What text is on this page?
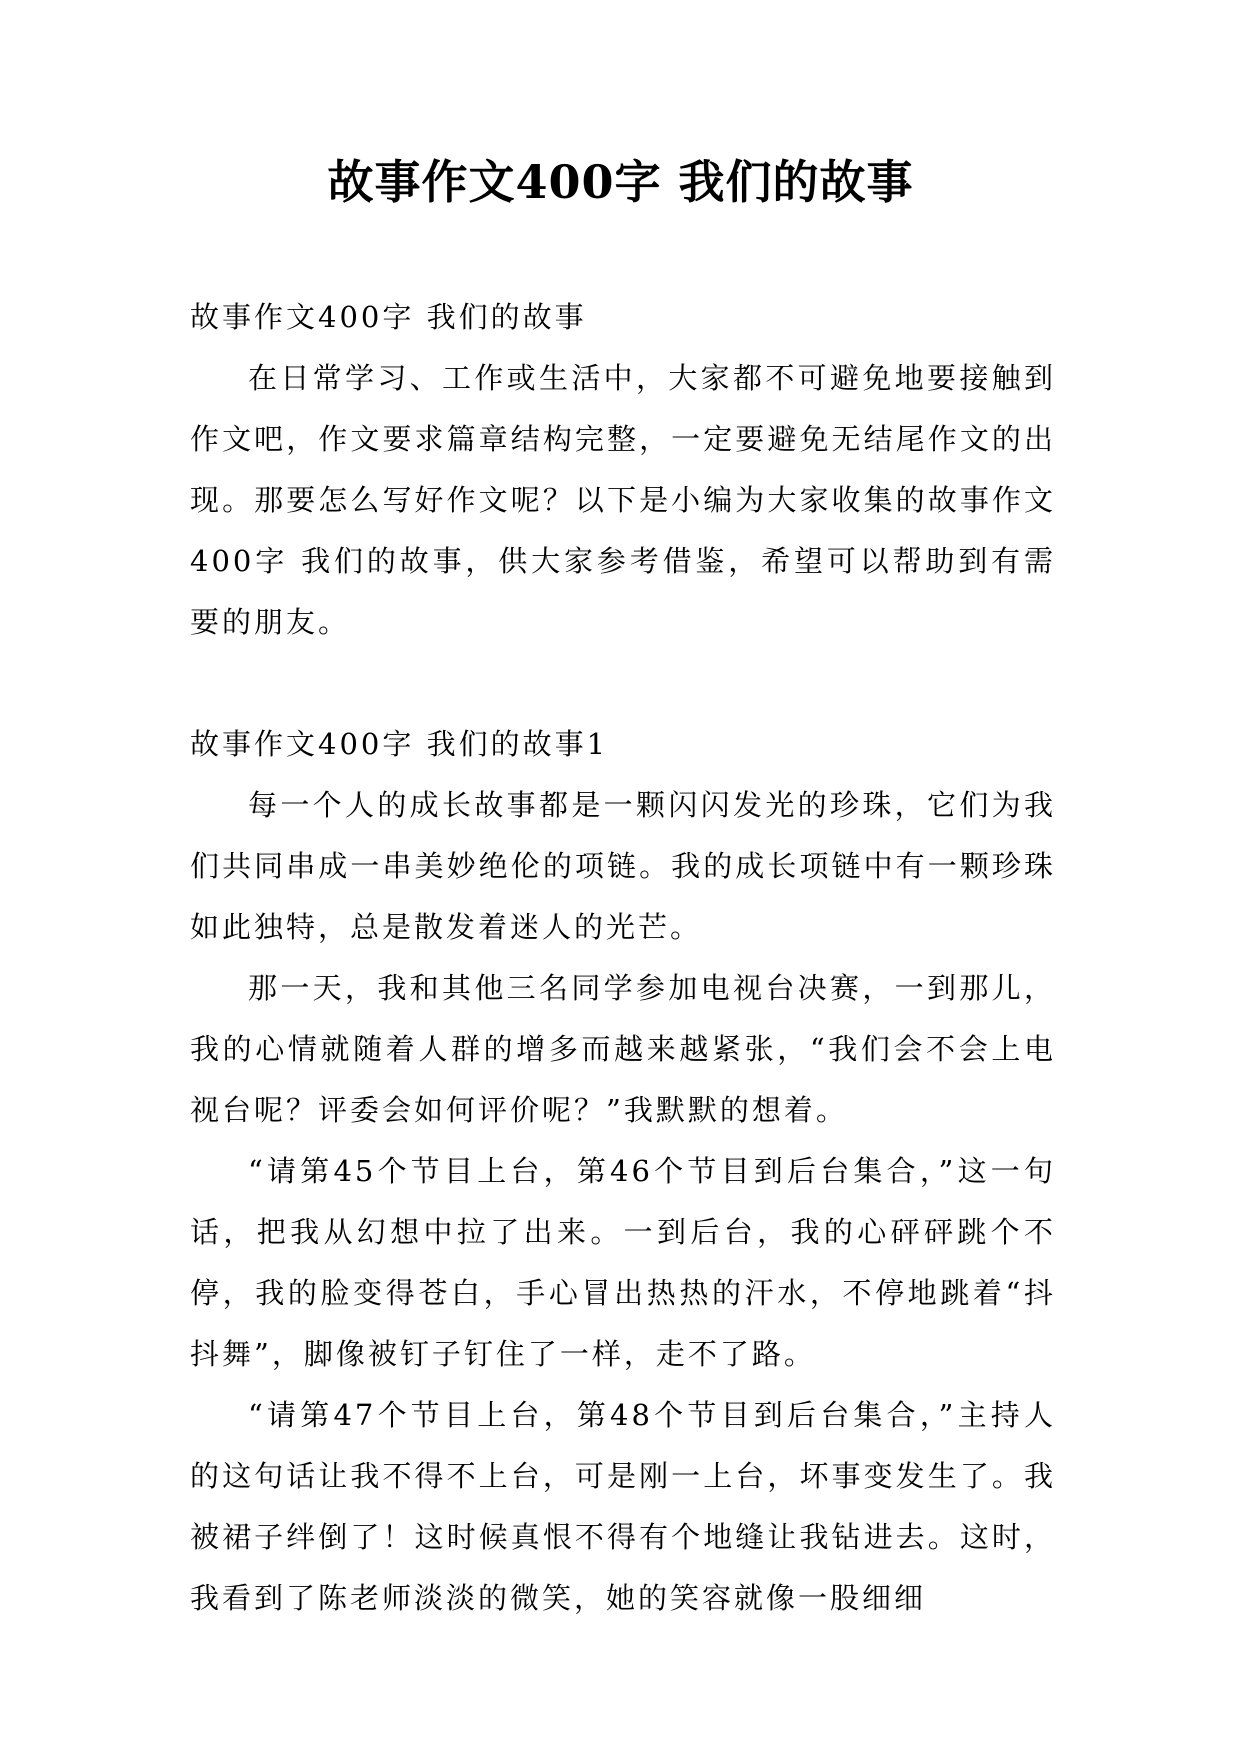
故事作文400字 我们的故事

故事作文400字 我们的故事

在日常学习、工作或生活中，大家都不可避免地要接触到作文吧，作文要求篇章结构完整，一定要避免无结尾作文的出现。那要怎么写好作文呢？以下是小编为大家收集的故事作文400字 我们的故事，供大家参考借鉴，希望可以帮助到有需要的朋友。

故事作文400字 我们的故事1

每一个人的成长故事都是一颗闪闪发光的珍珠，它们为我们共同串成一串美妙绝伦的项链。我的成长项链中有一颗珍珠如此独特，总是散发着迷人的光芒。

那一天，我和其他三名同学参加电视台决赛，一到那儿，我的心情就随着人群的增多而越来越紧张，“我们会不会上电视台呢？评委会如何评价呢？”我默默的想着。

“请第45个节目上台，第46个节目到后台集合，”这一句话，把我从幻想中拉了出来。一到后台，我的心砰砰跳个不停，我的脸变得苍白，手心冒出热热的汗水，不停地跳着“抖抖舞”，脚像被钉子钉住了一样，走不了路。

“请第47个节目上台，第48个节目到后台集合，”主持人的这句话让我不得不上台，可是刚一上台，坏事变发生了。我被裙子绊倒了！这时候真恨不得有个地缝让我钻进去。这时，我看到了陈老师淡淡的微笑，她的笑容就像一股细细
